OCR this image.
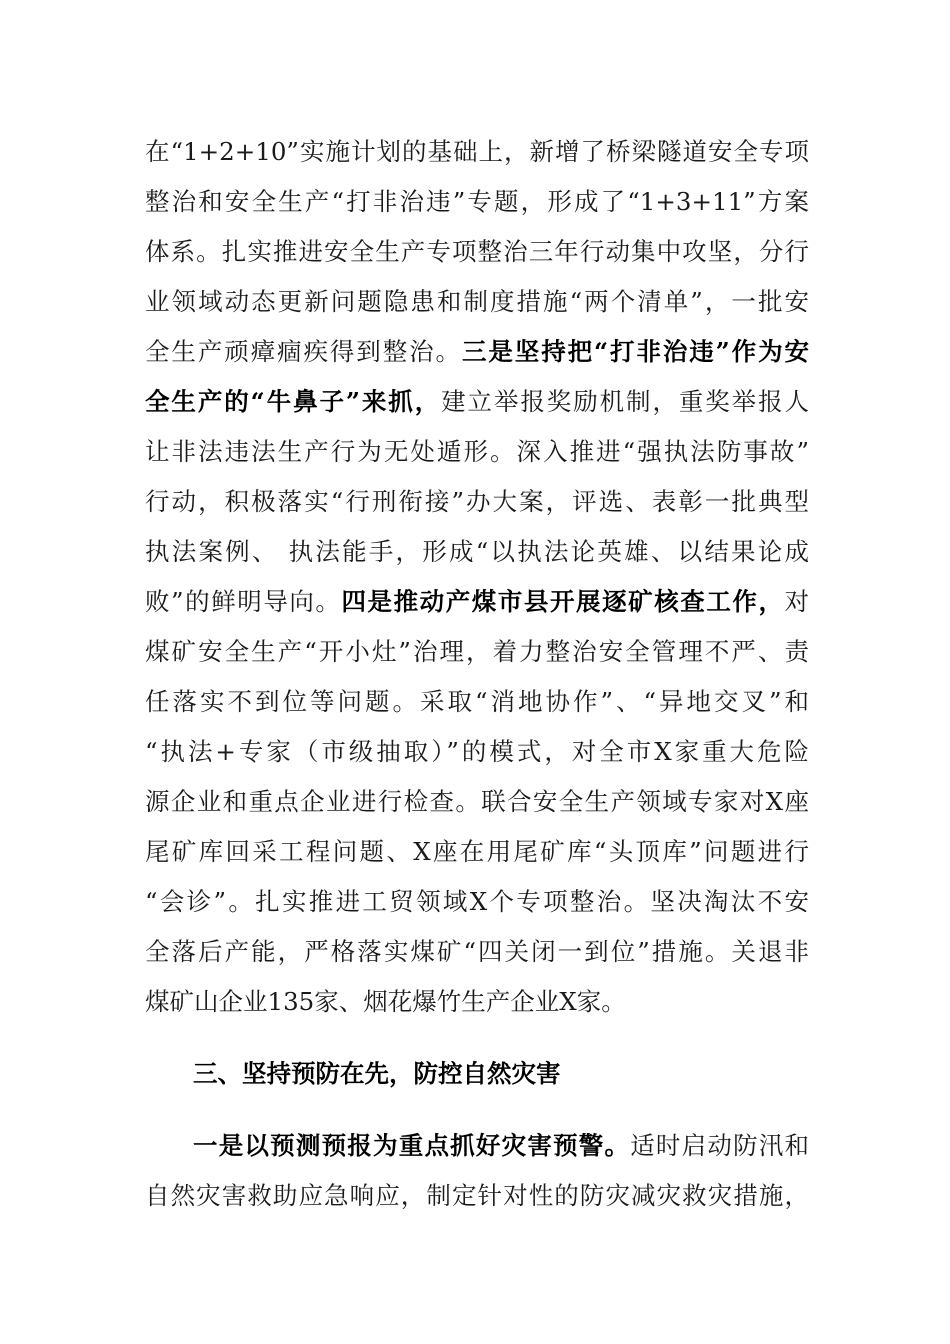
在“1+2+10”实施计划的基础上，新增了桥梁隧道安全专项
整治和安全生产“打非治违”专题，形成了“1+3+11”方案
体系。扎实推进安全生产专项整治三年行动集中攻坚，分行
业领域动态更新问题隐患和制度措施“两个清单”，一批安
全生产顽瘴痼疾得到整治。三是坚持把“打非治违”作为安
全生产的“牛鼻子”来抓，建立举报奖励机制，重奖举报人
让非法违法生产行为无处遁形。深入推进“强执法防事故”
行动，积极落实“行刑衔接”办大案，评选、表彰一批典型
执法案例、 执法能手，形成“以执法论英雄、以结果论成
败”的鲜明导向。四是推动产煤市县开展逐矿核查工作，对
煤矿安全生产“开小灶”治理，着力整治安全管理不严、责
任落实不到位等问题。采取“消地协作”、“异地交叉”和
“执法+专家（市级抽取）”的模式，对全市X家重大危险
源企业和重点企业进行检查。联合安全生产领域专家对X座
尾矿库回采工程问题、X座在用尾矿库“头顶库”问题进行
“会诊”。扎实推进工贸领域X个专项整治。坚决淘汰不安
全落后产能，严格落实煤矿“四关闭一到位”措施。关退非
煤矿山企业135家、烟花爆竹生产企业X家。
三、坚持预防在先，防控自然灾害
一是以预测预报为重点抓好灾害预警。适时启动防汛和
自然灾害救助应急响应，制定针对性的防灾减灾救灾措施，
